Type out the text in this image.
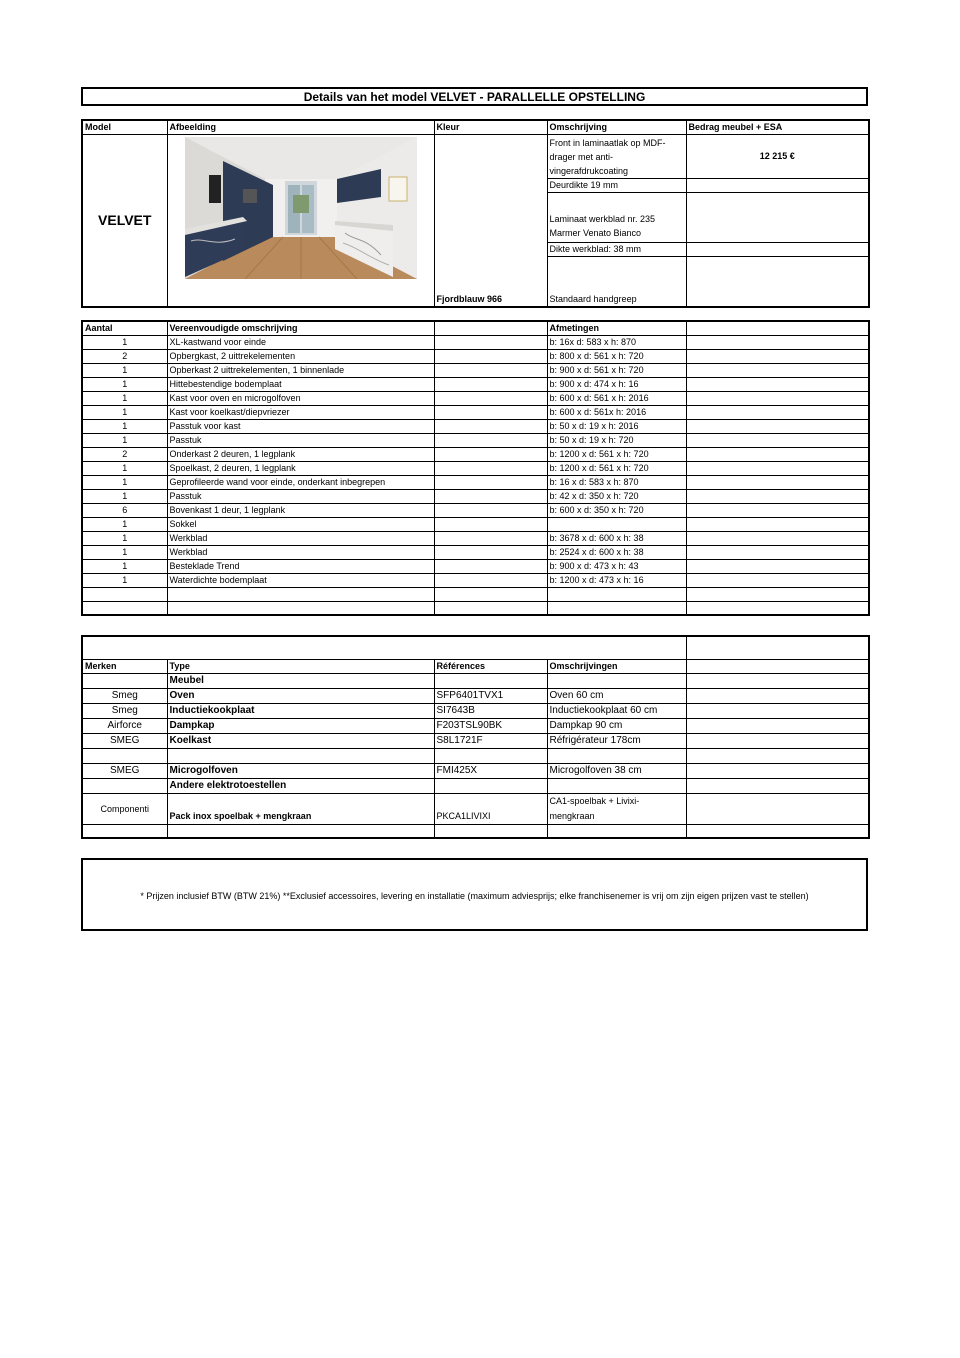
Details van het model VELVET - PARALLELLE OPSTELLING
Model	Afbeelding	Kleur	Omschrijving	Bedrag meubel + ESA
VELVET		Fjordblauw 966	Front in laminaatlak op MDF-drager met anti-vingerafdrukcoating	12 215 €
			Deurdikte 19 mm	
			Laminaat werkblad nr. 235 Marmer Venato Bianco	
			Dikte werkblad: 38 mm	
			Standaard handgreep	
Aantal	Vereenvoudigde omschrijving		Afmetingen	
1	XL-kastwand voor einde		b: 16x d: 583 x h: 870	
2	Opbergkast, 2 uittrekelementen		b: 800 x d: 561 x h: 720	
1	Opberkast 2 uittrekelementen, 1 binnenlade		b: 900 x d: 561 x h: 720	
1	Hittebestendige bodemplaat		b: 900 x d: 474 x h: 16	
1	Kast voor oven en microgolfoven		b: 600 x d: 561 x h: 2016	
1	Kast voor koelkast/diepvriezer		b: 600 x d: 561x h: 2016	
1	Passtuk voor kast		b: 50 x d: 19 x h: 2016	
1	Passtuk		b: 50 x d: 19 x h: 720	
2	Onderkast 2 deuren, 1 legplank		b: 1200 x d: 561 x h: 720	
1	Spoelkast, 2 deuren, 1 legplank		b: 1200 x d: 561 x h: 720	
1	Geprofileerde wand voor einde, onderkant inbegrepen		b: 16 x d: 583 x h: 870	
1	Passtuk		b: 42 x d: 350 x h: 720	
6	Bovenkast 1 deur, 1 legplank		b: 600 x d: 350 x h: 720	
1	Sokkel			
1	Werkblad		b: 3678 x d: 600 x h: 38	
1	Werkblad		b: 2524 x d: 600 x h: 38	
1	Besteklade Trend		b: 900 x d: 473 x h: 43	
1	Waterdichte bodemplaat		b: 1200 x d: 473 x h: 16	

Merken	Type	Références	Omschrijvingen	
	Meubel			
Smeg	Oven	SFP6401TVX1	Oven 60 cm	
Smeg	Inductiekookplaat	SI7643B	Inductiekookplaat 60 cm	
Airforce	Dampkap	F203TSL90BK	Dampkap 90 cm	
SMEG	Koelkast	S8L1721F	Réfrigérateur 178cm	

SMEG	Microgolfoven	FMI425X	Microgolfoven 38 cm	
	Andere elektrotoestellen			
Componenti	Pack inox spoelbak + mengkraan	PKCA1LIVIXI	CA1-spoelbak + Livixi-mengkraan	

* Prijzen inclusief BTW (BTW 21%) **Exclusief accessoires, levering en installatie (maximum adviesprijs; elke franchisenemer is vrij om zijn eigen prijzen vast te stellen)
